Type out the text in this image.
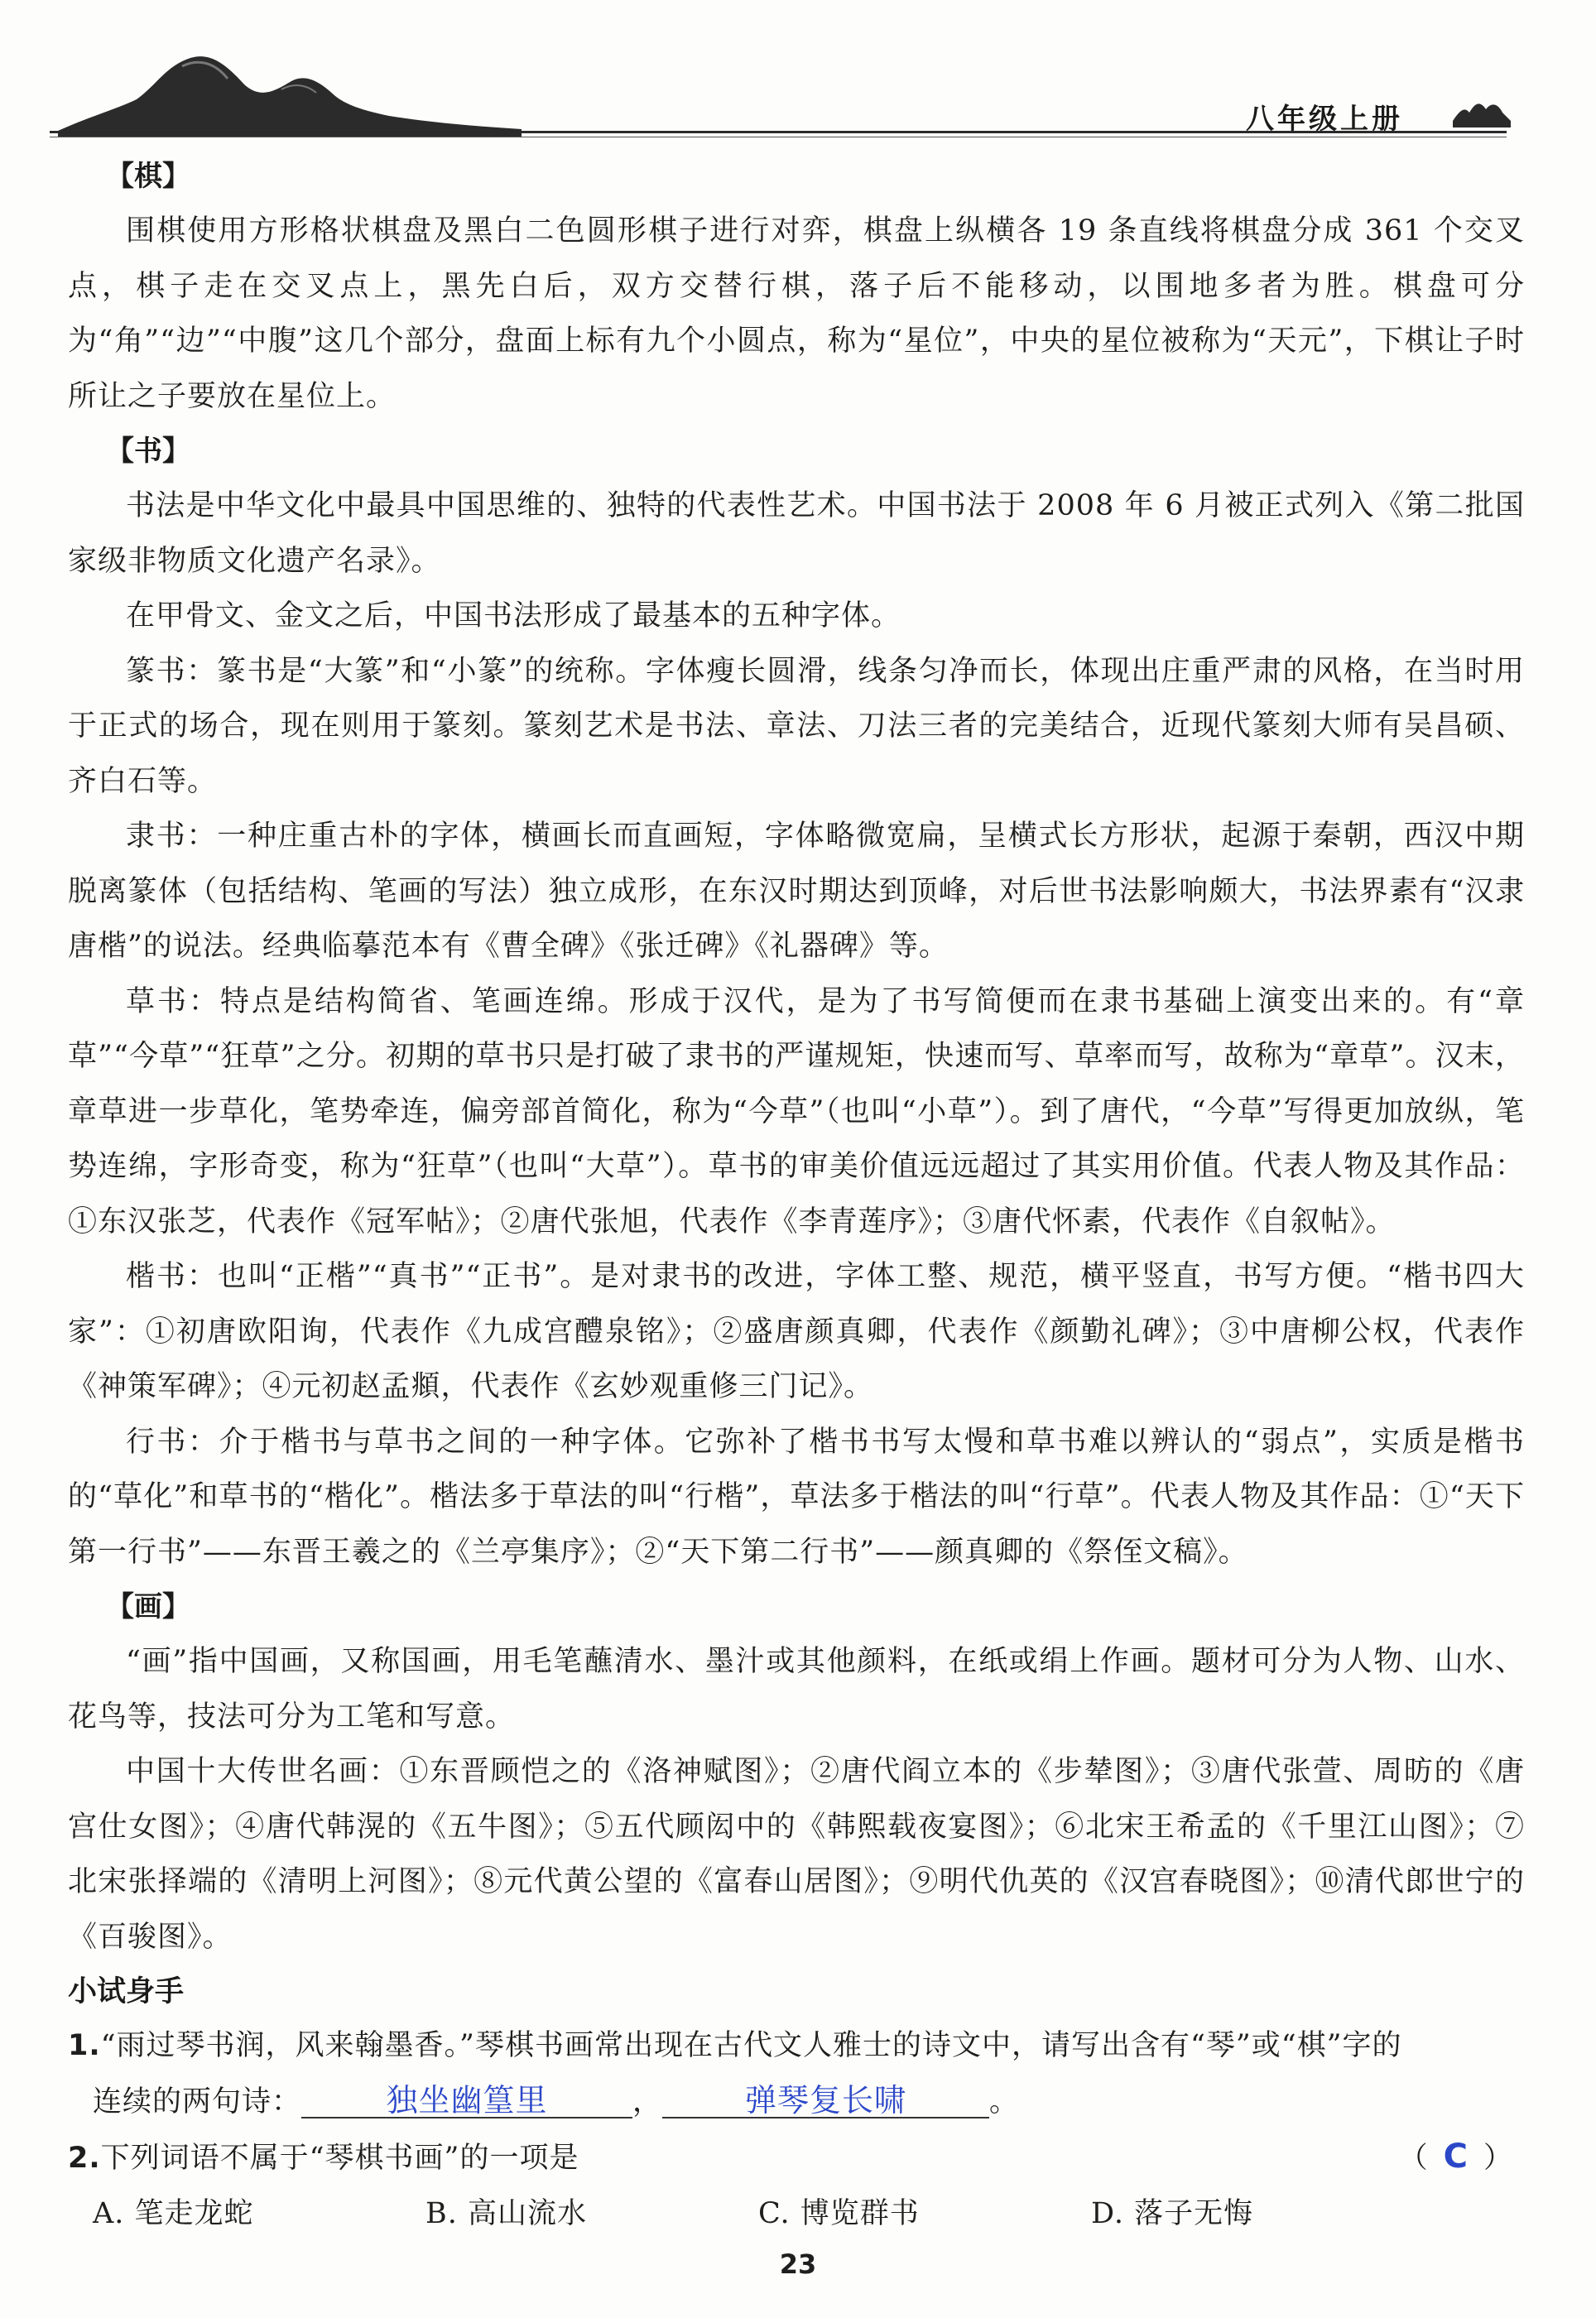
八年级上册
【棋】

围棋使用方形格状棋盘及黑白二色圆形棋子进行对弈，棋盘上纵横各 19 条直线将棋盘分成 361 个交叉点，棋子走在交叉点上，黑先白后，双方交替行棋，落子后不能移动，以围地多者为胜。棋盘可分为“角”“边”“中腹”这几个部分，盘面上标有九个小圆点，称为“星位”，中央的星位被称为“天元”，下棋让子时所让之子要放在星位上。

【书】

书法是中华文化中最具中国思维的、独特的代表性艺术。中国书法于 2008 年 6 月被正式列入《第二批国家级非物质文化遗产名录》。

在甲骨文、金文之后，中国书法形成了最基本的五种字体。

篆书：篆书是“大篆”和“小篆”的统称。字体瘦长圆滑，线条匀净而长，体现出庄重严肃的风格，在当时用于正式的场合，现在则用于篆刻。篆刻艺术是书法、章法、刀法三者的完美结合，近现代篆刻大师有吴昌硕、齐白石等。

隶书：一种庄重古朴的字体，横画长而直画短，字体略微宽扁，呈横式长方形状，起源于秦朝，西汉中期脱离篆体（包括结构、笔画的写法）独立成形，在东汉时期达到顶峰，对后世书法影响颇大，书法界素有“汉隶唐楷”的说法。经典临摹范本有《曹全碑》《张迁碑》《礼器碑》等。

草书：特点是结构简省、笔画连绵。形成于汉代，是为了书写简便而在隶书基础上演变出来的。有“章草”“今草”“狂草”之分。初期的草书只是打破了隶书的严谨规矩，快速而写、草率而写，故称为“章草”。汉末，章草进一步草化，笔势牵连，偏旁部首简化，称为“今草”（也叫“小草”）。到了唐代，“今草”写得更加放纵，笔势连绵，字形奇变，称为“狂草”（也叫“大草”）。草书的审美价值远远超过了其实用价值。代表人物及其作品：①东汉张芝，代表作《冠军帖》；②唐代张旭，代表作《李青莲序》；③唐代怀素，代表作《自叙帖》。

楷书：也叫“正楷”“真书”“正书”。是对隶书的改进，字体工整、规范，横平竖直，书写方便。“楷书四大家”：①初唐欧阳询，代表作《九成宫醴泉铭》；②盛唐颜真卿，代表作《颜勤礼碑》；③中唐柳公权，代表作《神策军碑》；④元初赵孟頫，代表作《玄妙观重修三门记》。

行书：介于楷书与草书之间的一种字体。它弥补了楷书书写太慢和草书难以辨认的“弱点”，实质是楷书的“草化”和草书的“楷化”。楷法多于草法的叫“行楷”，草法多于楷法的叫“行草”。代表人物及其作品：①“天下第一行书”——东晋王羲之的《兰亭集序》；②“天下第二行书”——颜真卿的《祭侄文稿》。

【画】

“画”指中国画，又称国画，用毛笔蘸清水、墨汁或其他颜料，在纸或绢上作画。题材可分为人物、山水、花鸟等，技法可分为工笔和写意。

中国十大传世名画：①东晋顾恺之的《洛神赋图》；②唐代阎立本的《步辇图》；③唐代张萱、周昉的《唐宫仕女图》；④唐代韩滉的《五牛图》；⑤五代顾闳中的《韩熙载夜宴图》；⑥北宋王希孟的《千里江山图》；⑦北宋张择端的《清明上河图》；⑧元代黄公望的《富春山居图》；⑨明代仇英的《汉宫春晓图》；⑩清代郎世宁的《百骏图》。

小试身手
1.“雨过琴书润，风来翰墨香。”琴棋书画常出现在古代文人雅士的诗文中，请写出含有“琴”或“棋”字的
连续的两句诗：	独坐幽篁里	，	弹琴复长啸	。
2.下列词语不属于“琴棋书画”的一项是	（ C ）
A. 笔走龙蛇	B. 高山流水	C. 博览群书	D. 落子无悔
23
